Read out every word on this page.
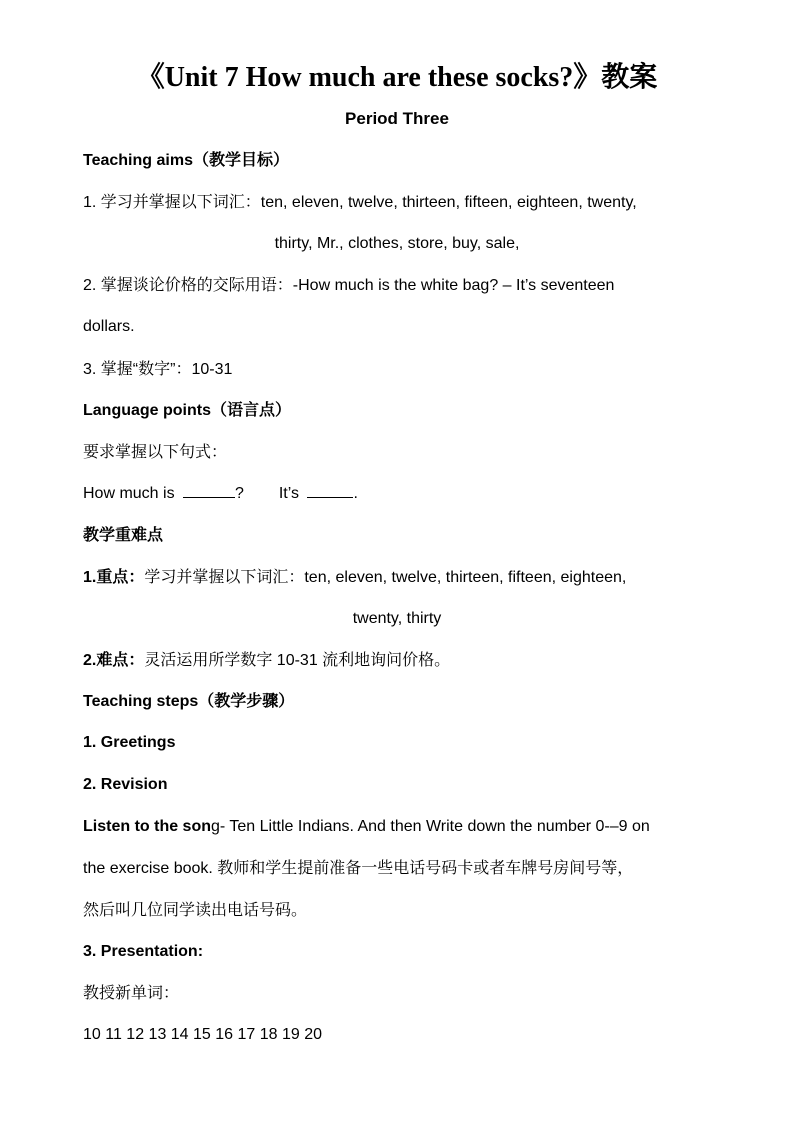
《Unit 7 How much are these socks?》教案
Period Three
Teaching aims（教学目标）
1. 学习并掌握以下词汇：ten, eleven, twelve, thirteen, fifteen, eighteen, twenty,
thirty, Mr., clothes, store, buy, sale,
2. 掌握谈论价格的交际用语：-How much is the white bag? – It’s seventeen
dollars.
3. 掌握“数字”：10-31
Language points（语言点）
要求掌握以下句式：
How much is	? It’s	.
教学重难点
1.重点：学习并掌握以下词汇：ten, eleven, twelve, thirteen, fifteen, eighteen,
twenty, thirty
2.难点：灵活运用所学数字 10-31 流利地询问价格。
Teaching steps（教学步骤）
1. Greetings
2. Revision
Listen to the song- Ten Little Indians. And then Write down the number 0-–9 on
the exercise book. 教师和学生提前准备一些电话号码卡或者车牌号房间号等，
然后叫几位同学读出电话号码。
3. Presentation:
教授新单词：
10 11 12 13 14 15 16 17 18 19 20
